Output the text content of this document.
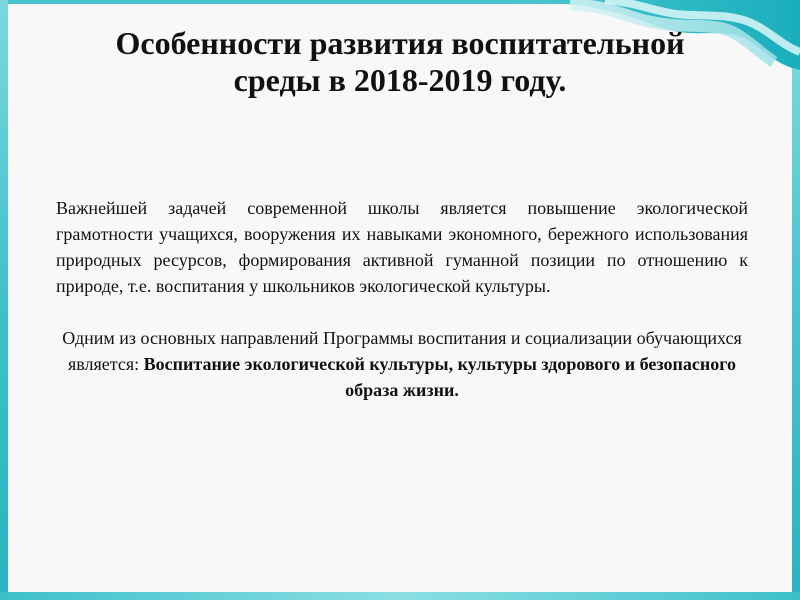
Особенности развития воспитательной
среды в 2018-2019 году.

Важнейшей задачей современной школы является повышение экологической грамотности учащихся, вооружения их навыками экономного, бережного использования природных ресурсов, формирования активной гуманной позиции по отношению к природе, т.е. воспитания у школьников экологической культуры.

Одним из основных направлений Программы воспитания и социализации обучающихся является: Воспитание экологической культуры, культуры здорового и безопасного образа жизни.
